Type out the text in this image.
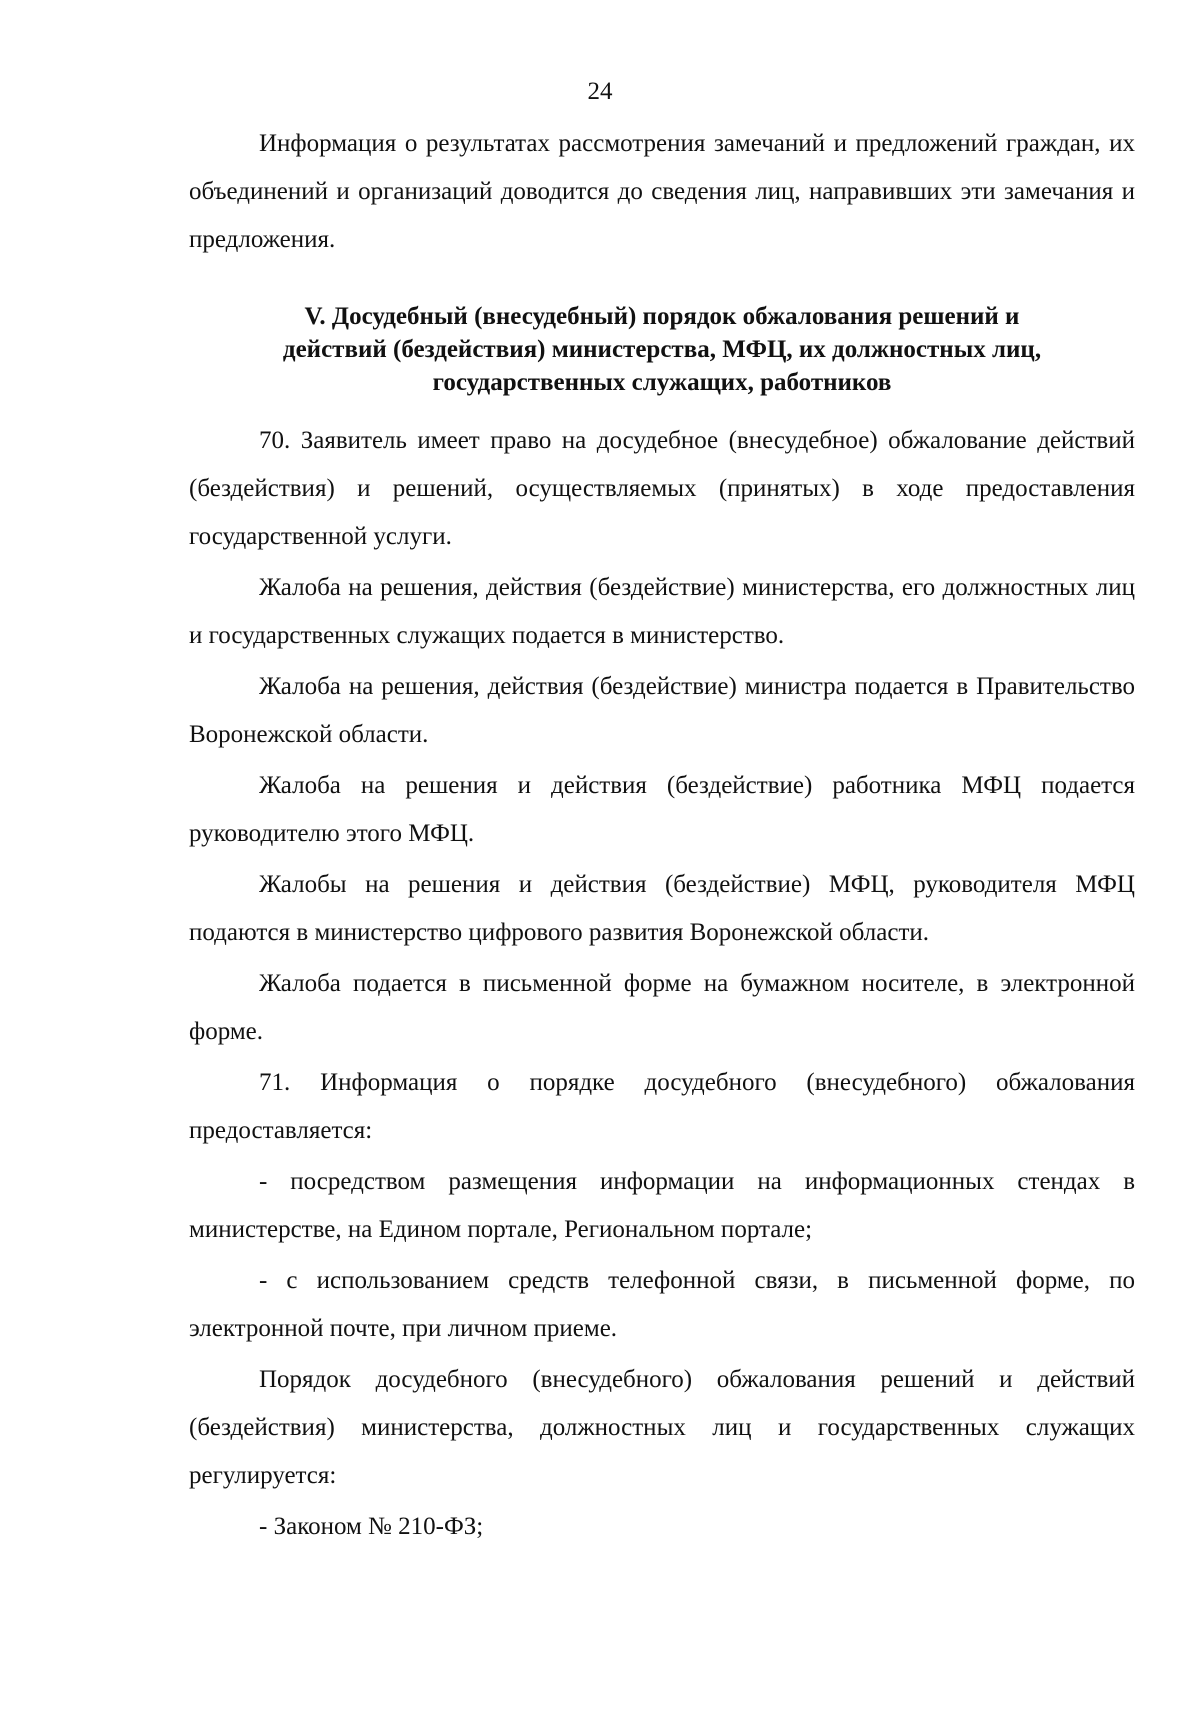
24

Информация о результатах рассмотрения замечаний и предложений граждан, их объединений и организаций доводится до сведения лиц, направивших эти замечания и предложения.

V. Досудебный (внесудебный) порядок обжалования решений и
действий (бездействия) министерства, МФЦ, их должностных лиц,
государственных служащих, работников

70. Заявитель имеет право на досудебное (внесудебное) обжалование действий (бездействия) и решений, осуществляемых (принятых) в ходе предоставления государственной услуги.

Жалоба на решения, действия (бездействие) министерства, его должностных лиц и государственных служащих подается в министерство.

Жалоба на решения, действия (бездействие) министра подается в Правительство Воронежской области.

Жалоба на решения и действия (бездействие) работника МФЦ подается руководителю этого МФЦ.

Жалобы на решения и действия (бездействие) МФЦ, руководителя МФЦ подаются в министерство цифрового развития Воронежской области.

Жалоба подается в письменной форме на бумажном носителе, в электронной форме.

71. Информация о порядке досудебного (внесудебного) обжалования предоставляется:

- посредством размещения информации на информационных стендах в министерстве, на Едином портале, Региональном портале;

- с использованием средств телефонной связи, в письменной форме, по электронной почте, при личном приеме.

Порядок досудебного (внесудебного) обжалования решений и действий (бездействия) министерства, должностных лиц и государственных служащих регулируется:

- Законом № 210-ФЗ;
